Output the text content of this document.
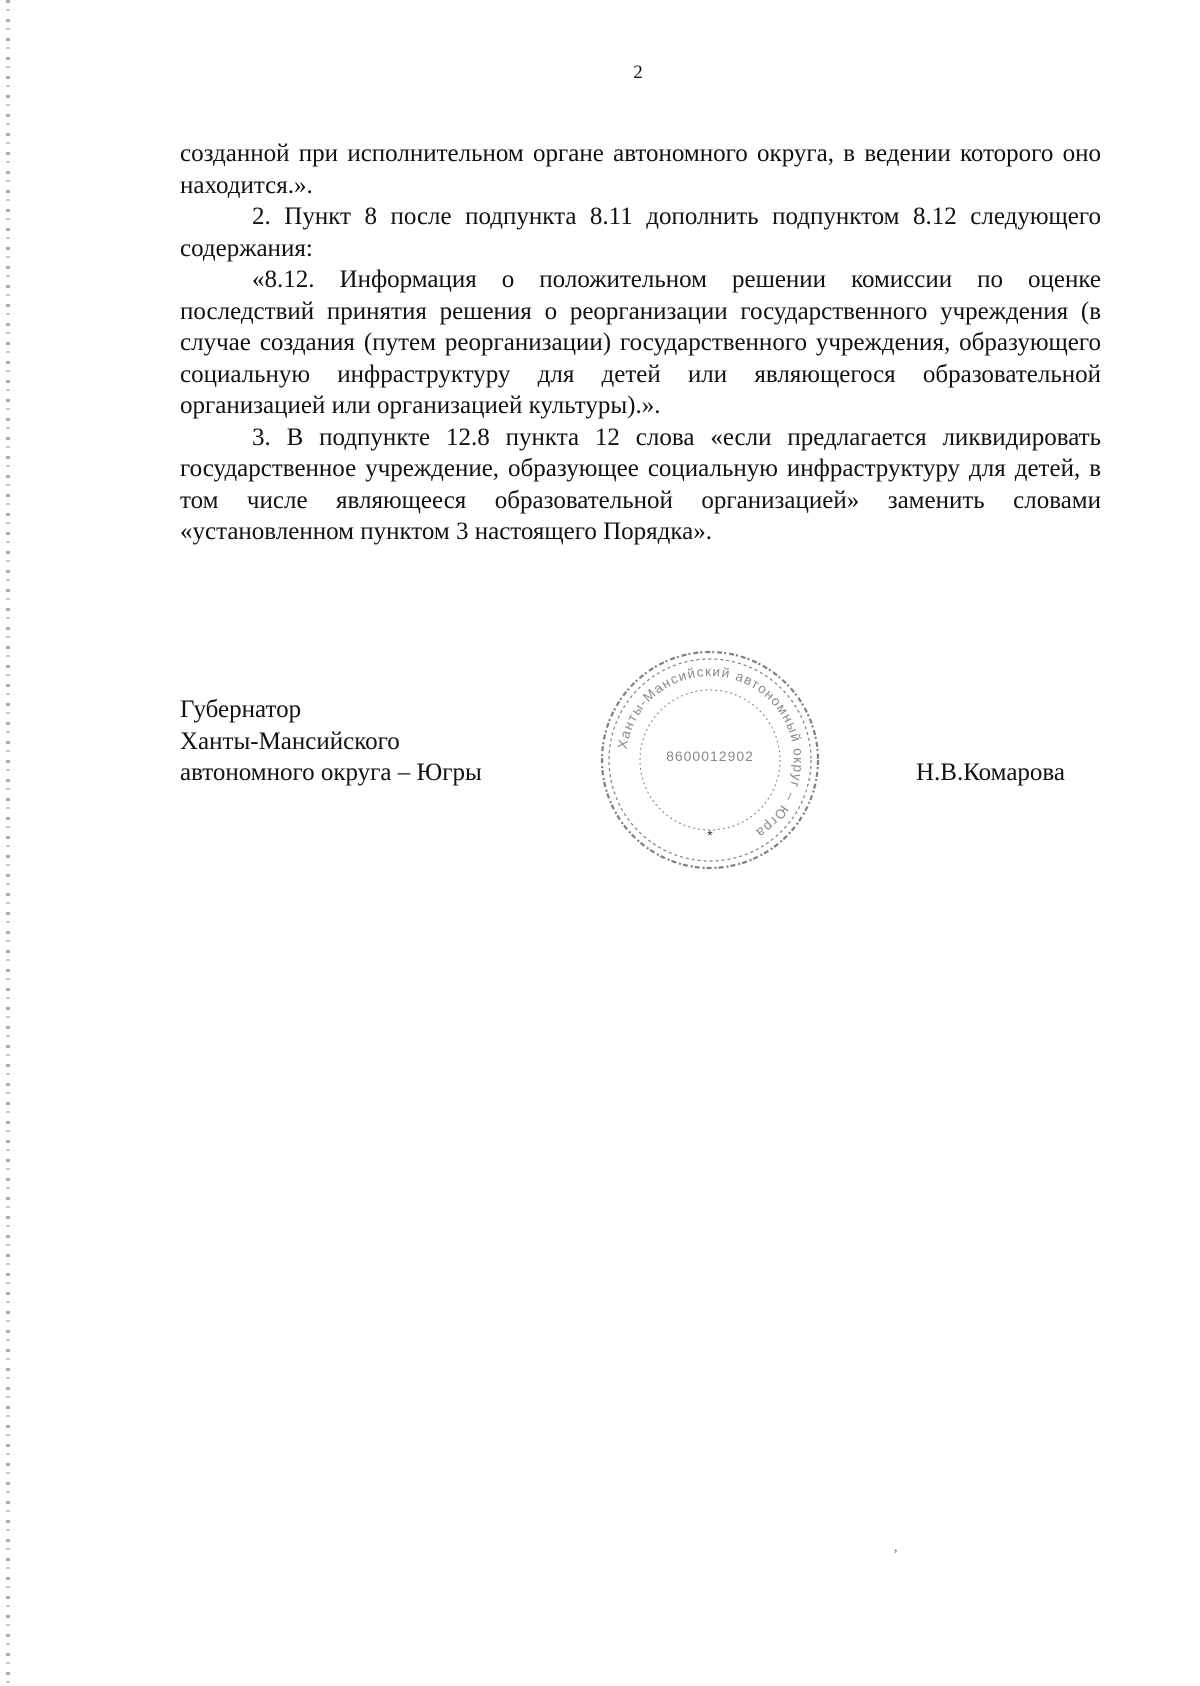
2

созданной при исполнительном органе автономного округа, в ведении которого оно находится.».

2. Пункт 8 после подпункта 8.11 дополнить подпунктом 8.12 следующего содержания:

«8.12. Информация о положительном решении комиссии по оценке последствий принятия решения о реорганизации государственного учреждения (в случае создания (путем реорганизации) государственного учреждения, образующего социальную инфраструктуру для детей или являющегося образовательной организацией или организацией культуры).».

3. В подпункте 12.8 пункта 12 слова «если предлагается ликвидировать государственное учреждение, образующее социальную инфраструктуру для детей, в том числе являющееся образовательной организацией» заменить словами «установленном пунктом 3 настоящего Порядка».

Губернатор
Ханты-Мансийского
автономного округа – Югры
Ханты-Мансийский автономный округ – Югра
8600012902
*
Н.В.Комарова
,
